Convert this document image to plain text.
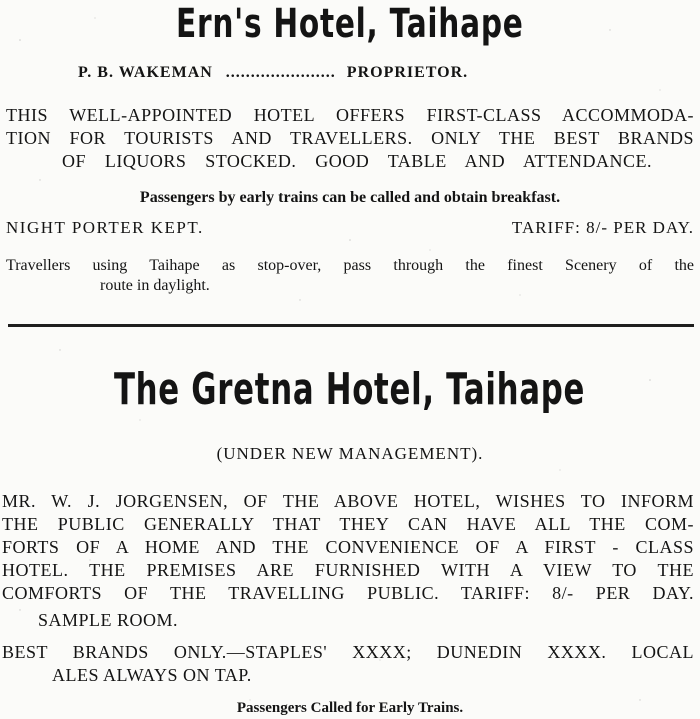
Ern's Hotel, Taihape
P. B. WAKEMAN ...................... PROPRIETOR.
THIS WELL-APPOINTED HOTEL OFFERS FIRST-CLASS ACCOMMODA-
TION FOR TOURISTS AND TRAVELLERS. ONLY THE BEST BRANDS
OF LIQUORS STOCKED. GOOD TABLE AND ATTENDANCE.
Passengers by early trains can be called and obtain breakfast.
NIGHT PORTER KEPT.	TARIFF: 8/- PER DAY.
Travellers using Taihape as stop-over, pass through the finest Scenery of the
route in daylight.
The Gretna Hotel, Taihape
(UNDER NEW MANAGEMENT).
MR. W. J. JORGENSEN, OF THE ABOVE HOTEL, WISHES TO INFORM
THE PUBLIC GENERALLY THAT THEY CAN HAVE ALL THE COM-
FORTS OF A HOME AND THE CONVENIENCE OF A FIRST - CLASS
HOTEL. THE PREMISES ARE FURNISHED WITH A VIEW TO THE
COMFORTS OF THE TRAVELLING PUBLIC. TARIFF: 8/- PER DAY.
SAMPLE ROOM.
BEST BRANDS ONLY.—STAPLES' XXXX; DUNEDIN XXXX. LOCAL
ALES ALWAYS ON TAP.
Passengers Called for Early Trains.
